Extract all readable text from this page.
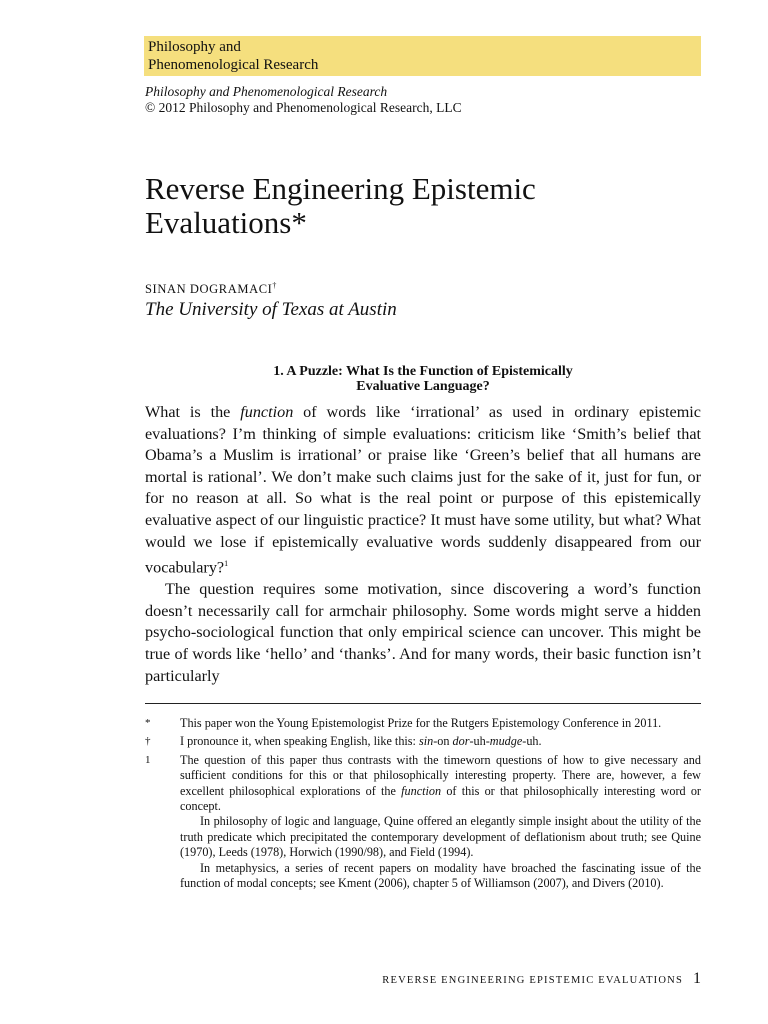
Philosophy and
Phenomenological Research
Philosophy and Phenomenological Research
© 2012 Philosophy and Phenomenological Research, LLC
Reverse Engineering Epistemic
Evaluations*
SINAN DOGRAMACI†
The University of Texas at Austin
1. A Puzzle: What Is the Function of Epistemically
Evaluative Language?

What is the function of words like ‘irrational’ as used in ordinary epistemic evaluations? I’m thinking of simple evaluations: criticism like ‘Smith’s belief that Obama’s a Muslim is irrational’ or praise like ‘Green’s belief that all humans are mortal is rational’. We don’t make such claims just for the sake of it, just for fun, or for no reason at all. So what is the real point or purpose of this epistemically evaluative aspect of our linguistic practice? It must have some utility, but what? What would we lose if epistemically evaluative words suddenly disappeared from our vocabulary?$^1$

The question requires some motivation, since discovering a word’s function doesn’t necessarily call for armchair philosophy. Some words might serve a hidden psycho-sociological function that only empirical science can uncover. This might be true of words like ‘hello’ and ‘thanks’. And for many words, their basic function isn’t particularly

*	This paper won the Young Epistemologist Prize for the Rutgers Epistemology Conference in 2011.
†	I pronounce it, when speaking English, like this: sin-on dor-uh-mudge-uh.
1	The question of this paper thus contrasts with the timeworn questions of how to give necessary and sufficient conditions for this or that philosophically interesting property. There are, however, a few excellent philosophical explorations of the function of this or that philosophically interesting word or concept.

In philosophy of logic and language, Quine offered an elegantly simple insight about the utility of the truth predicate which precipitated the contemporary development of deflationism about truth; see Quine (1970), Leeds (1978), Horwich (1990/98), and Field (1994).

In metaphysics, a series of recent papers on modality have broached the fascinating issue of the function of modal concepts; see Kment (2006), chapter 5 of Williamson (2007), and Divers (2010).

REVERSE ENGINEERING EPISTEMIC EVALUATIONS 1
